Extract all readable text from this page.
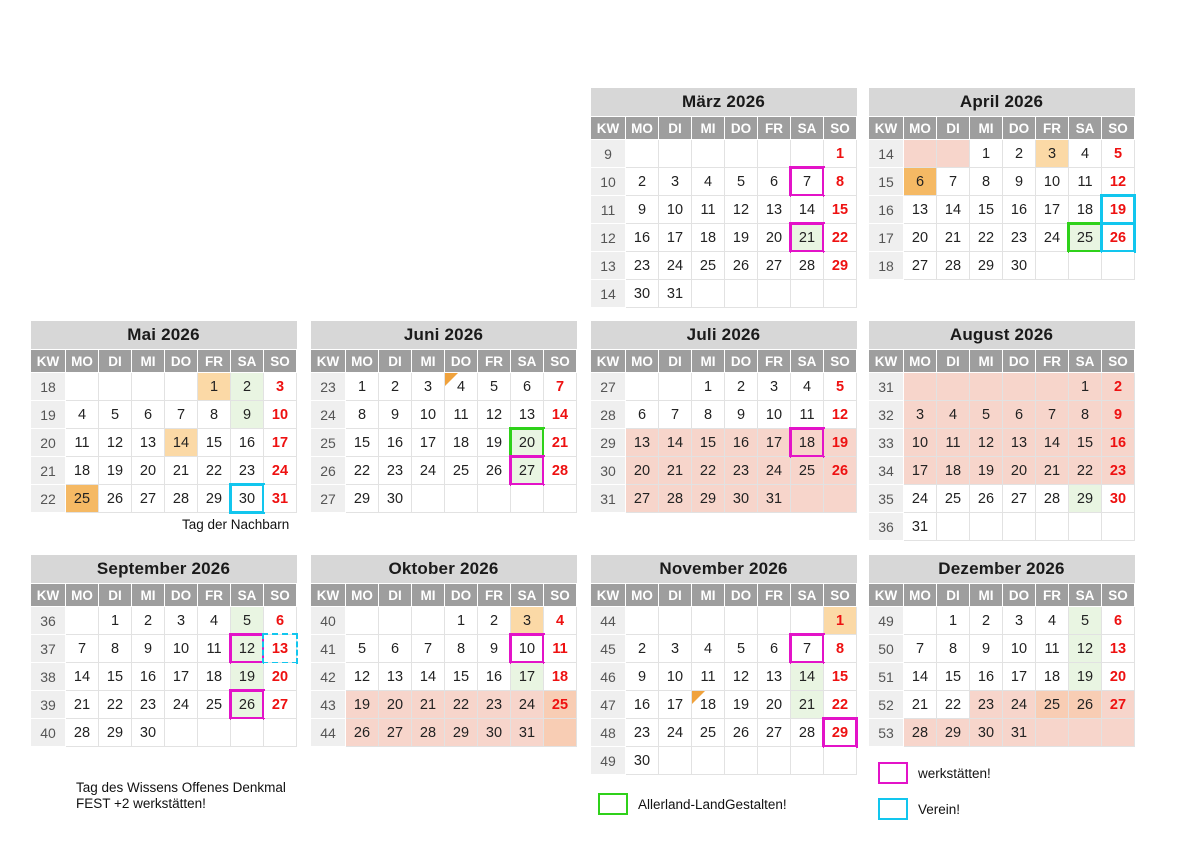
März 2026							
KW	MO	DI	MI	DO	FR	SA	SO
9							1
10	2	3	4	5	6	7	8
11	9	10	11	12	13	14	15
12	16	17	18	19	20	21	22
13	23	24	25	26	27	28	29
14	30	31					
April 2026							
KW	MO	DI	MI	DO	FR	SA	SO
14			1	2	3	4	5
15	6	7	8	9	10	11	12
16	13	14	15	16	17	18	19

17	20	21	22	23	24	25	26

18	27	28	29	30			
Mai 2026							
KW	MO	DI	MI	DO	FR	SA	SO
18					1	2	3
19	4	5	6	7	8	9	10
20	11	12	13	14	15	16	17
21	18	19	20	21	22	23	24
22	25	26	27	28	29	30	31
Juni 2026							
KW	MO	DI	MI	DO	FR	SA	SO
23	1	2	3	4	5	6	7
24	8	9	10	11	12	13	14
25	15	16	17	18	19	20	21
26	22	23	24	25	26	27	28
27	29	30					
Juli 2026							
KW	MO	DI	MI	DO	FR	SA	SO
27			1	2	3	4	5
28	6	7	8	9	10	11	12
29	13	14	15	16	17	18	19
30	20	21	22	23	24	25	26
31	27	28	29	30	31		
August 2026							
KW	MO	DI	MI	DO	FR	SA	SO
31						1	2
32	3	4	5	6	7	8	9
33	10	11	12	13	14	15	16
34	17	18	19	20	21	22	23
35	24	25	26	27	28	29	30
36	31						
September 2026							
KW	MO	DI	MI	DO	FR	SA	SO
36		1	2	3	4	5	6
37	7	8	9	10	11	12	13

38	14	15	16	17	18	19	20
39	21	22	23	24	25	26	27
40	28	29	30				
Oktober 2026							
KW	MO	DI	MI	DO	FR	SA	SO
40				1	2	3	4
41	5	6	7	8	9	10	11
42	12	13	14	15	16	17	18
43	19	20	21	22	23	24	25
44	26	27	28	29	30	31	
November 2026							
KW	MO	DI	MI	DO	FR	SA	SO
44							1
45	2	3	4	5	6	7	8
46	9	10	11	12	13	14	15
47	16	17	18	19	20	21	22
48	23	24	25	26	27	28	29

49	30						
Dezember 2026							
KW	MO	DI	MI	DO	FR	SA	SO
49		1	2	3	4	5	6
50	7	8	9	10	11	12	13
51	14	15	16	17	18	19	20
52	21	22	23	24	25	26	27
53	28	29	30	31			
Tag der Nachbarn
Tag des Wissens Offenes Denkmal
FEST +2 werkstätten!
werkstätten!
Allerland-LandGestalten!	Verein!
